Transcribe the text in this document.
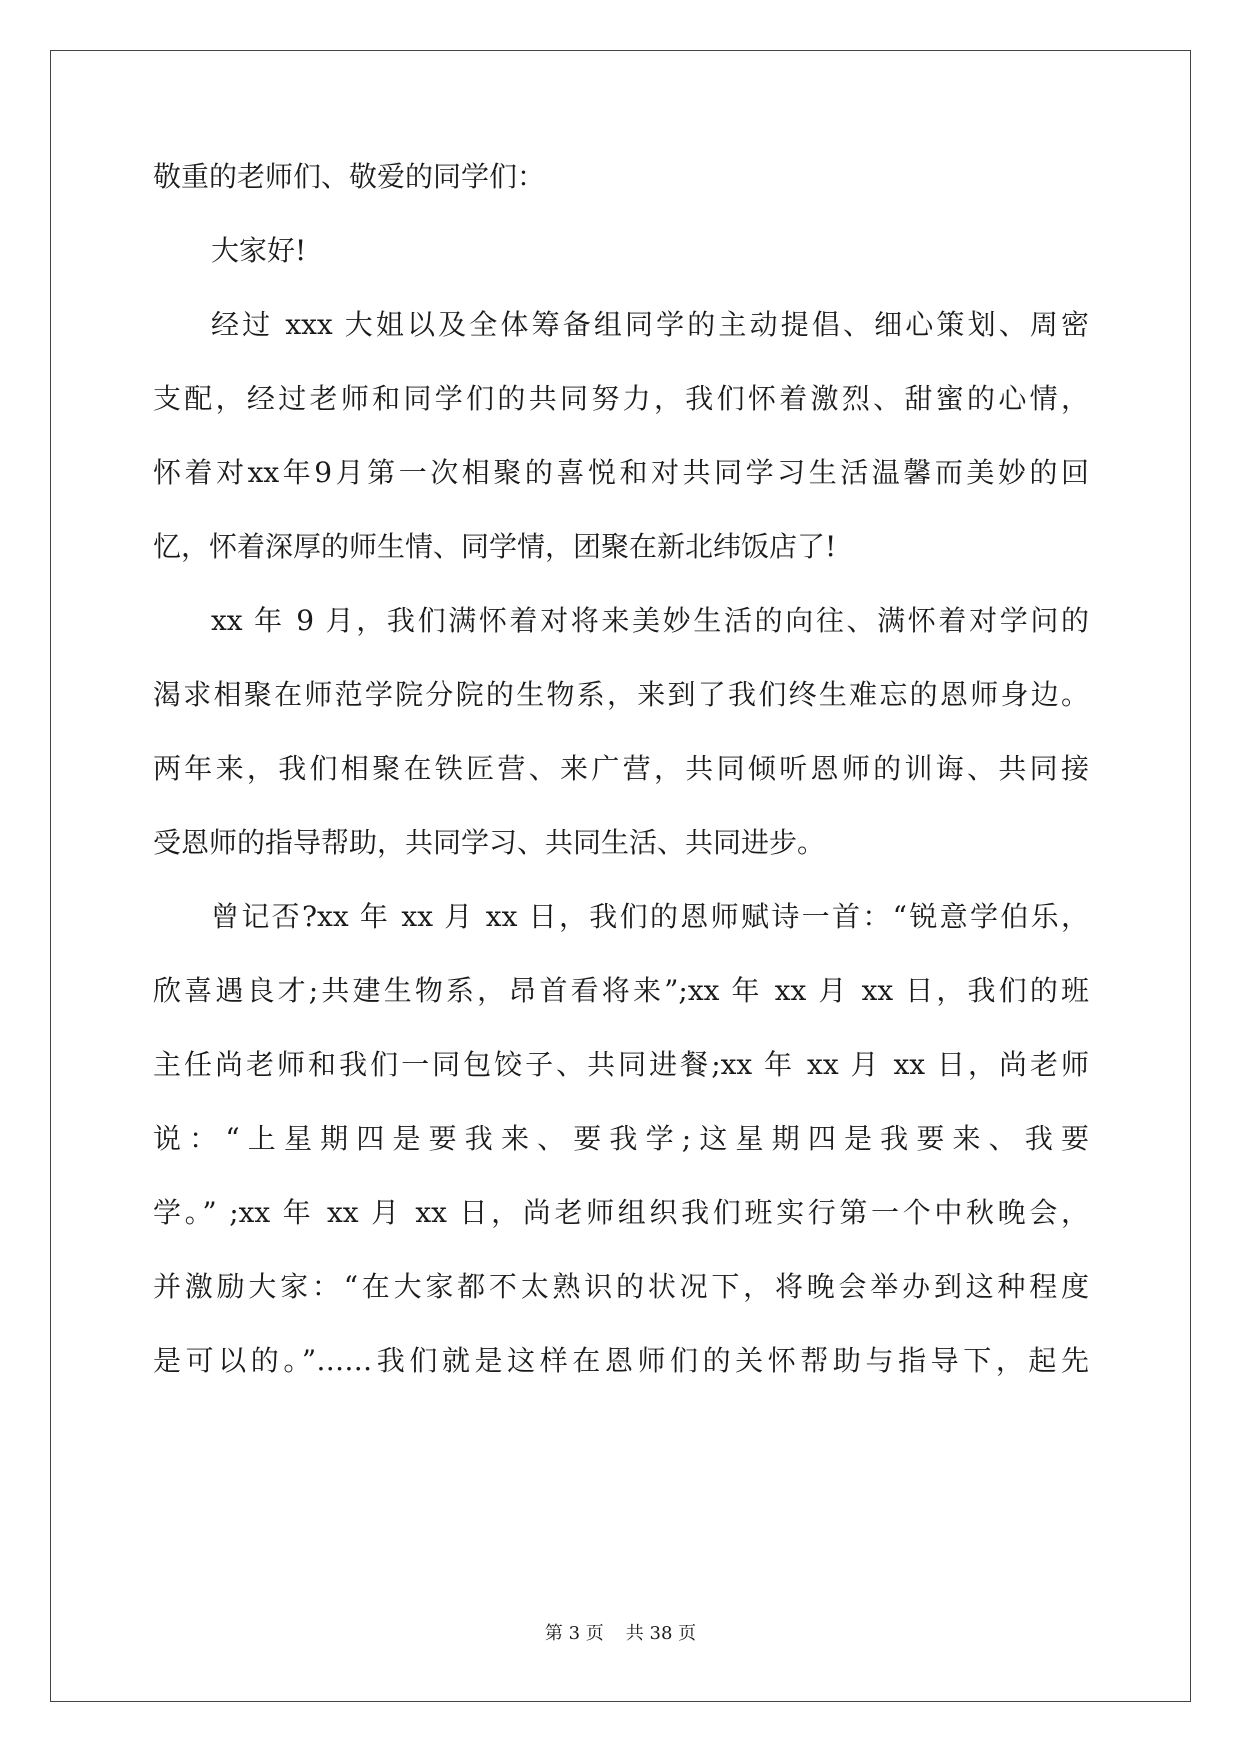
敬重的老师们、敬爱的同学们：
大家好!
经过 xxx 大姐以及全体筹备组同学的主动提倡、细心策划、周密
支配，经过老师和同学们的共同努力，我们怀着激烈、甜蜜的心情，
怀着对xx年9月第一次相聚的喜悦和对共同学习生活温馨而美妙的回
忆，怀着深厚的师生情、同学情，团聚在新北纬饭店了!
xx 年 9 月，我们满怀着对将来美妙生活的向往、满怀着对学问的
渴求相聚在师范学院分院的生物系，来到了我们终生难忘的恩师身边。
两年来，我们相聚在铁匠营、来广营，共同倾听恩师的训诲、共同接
受恩师的指导帮助，共同学习、共同生活、共同进步。
曾记否?xx 年 xx 月 xx 日，我们的恩师赋诗一首：“锐意学伯乐，
欣喜遇良才;共建生物系，昂首看将来”;xx 年 xx 月 xx 日，我们的班
主任尚老师和我们一同包饺子、共同进餐;xx 年 xx 月 xx 日，尚老师
说：“上星期四是要我来、要我学;这星期四是我要来、我要
学。” ;xx 年 xx 月 xx 日，尚老师组织我们班实行第一个中秋晚会，
并激励大家：“在大家都不太熟识的状况下，将晚会举办到这种程度
是可以的。”……我们就是这样在恩师们的关怀帮助与指导下，起先
第 3 页 共 38 页
